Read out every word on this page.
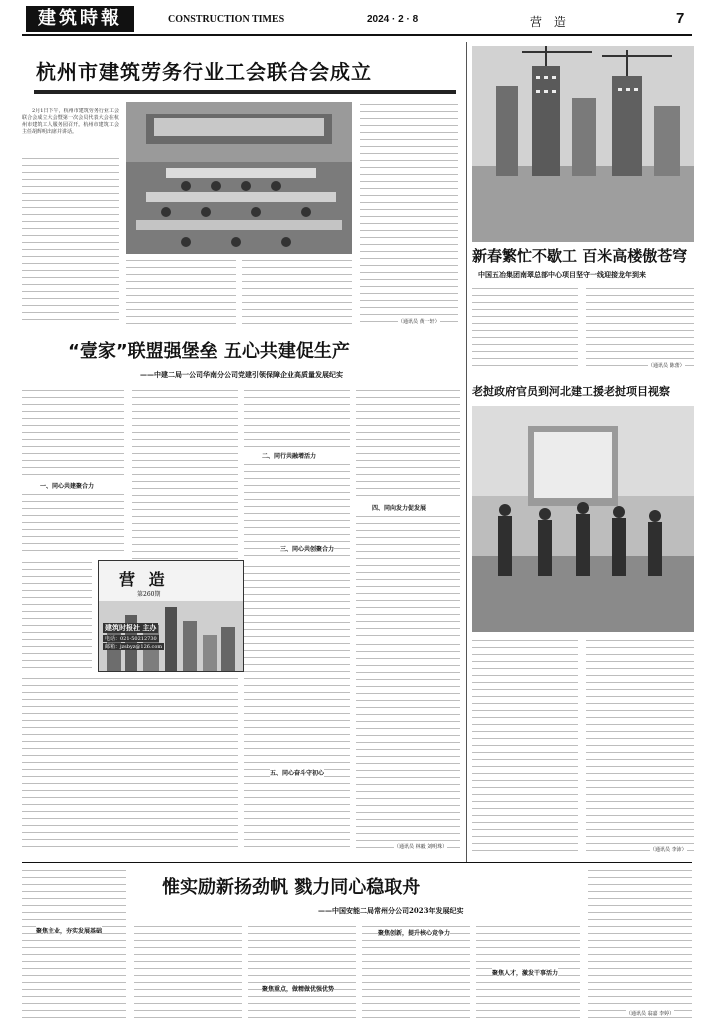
建筑時報	CONSTRUCTION TIMES	2024 · 2 · 8	营 造	7
杭州市建筑劳务行业工会联合会成立
2月1日下午，杭州市建筑劳务行业工会联合会成立大会暨第一次会员代表大会在杭州市建筑工人服务园召开。杭州市建筑工会主任胡辉明出席并讲话。
（通讯员 黄一轩）
新春繁忙不歇工 百米高楼傲苍穹
中国五冶集团南翠总部中心项目坚守一线迎接龙年到来
（通讯员 陈蕾）
“壹家”联盟强堡垒 五心共建促生产
——中建二局一公司华南分公司党建引领保障企业高质量发展纪实
一、同心共建聚合力
二、同行共融增活力
三、同心共创聚合力
四、同向发力促发展
营 造
第260期
建筑时报社 主办
电话：021-50212730
邮箱：jzsbyz@126.com
五、同心奋斗守初心
（通讯员 林毅 刘明珠）
老挝政府官员到河北建工援老挝项目视察
（通讯员 李沛）
聚焦主业，夯实发展基础
惟实励新扬劲帆 戮力同心稳取舟
——中国安能二局常州分公司2023年发展纪实
聚焦重点，做精做优强优势
聚焦创新，提升核心竞争力
聚焦人才，激发干事活力
（通讯员 翁嘉 李婷）
